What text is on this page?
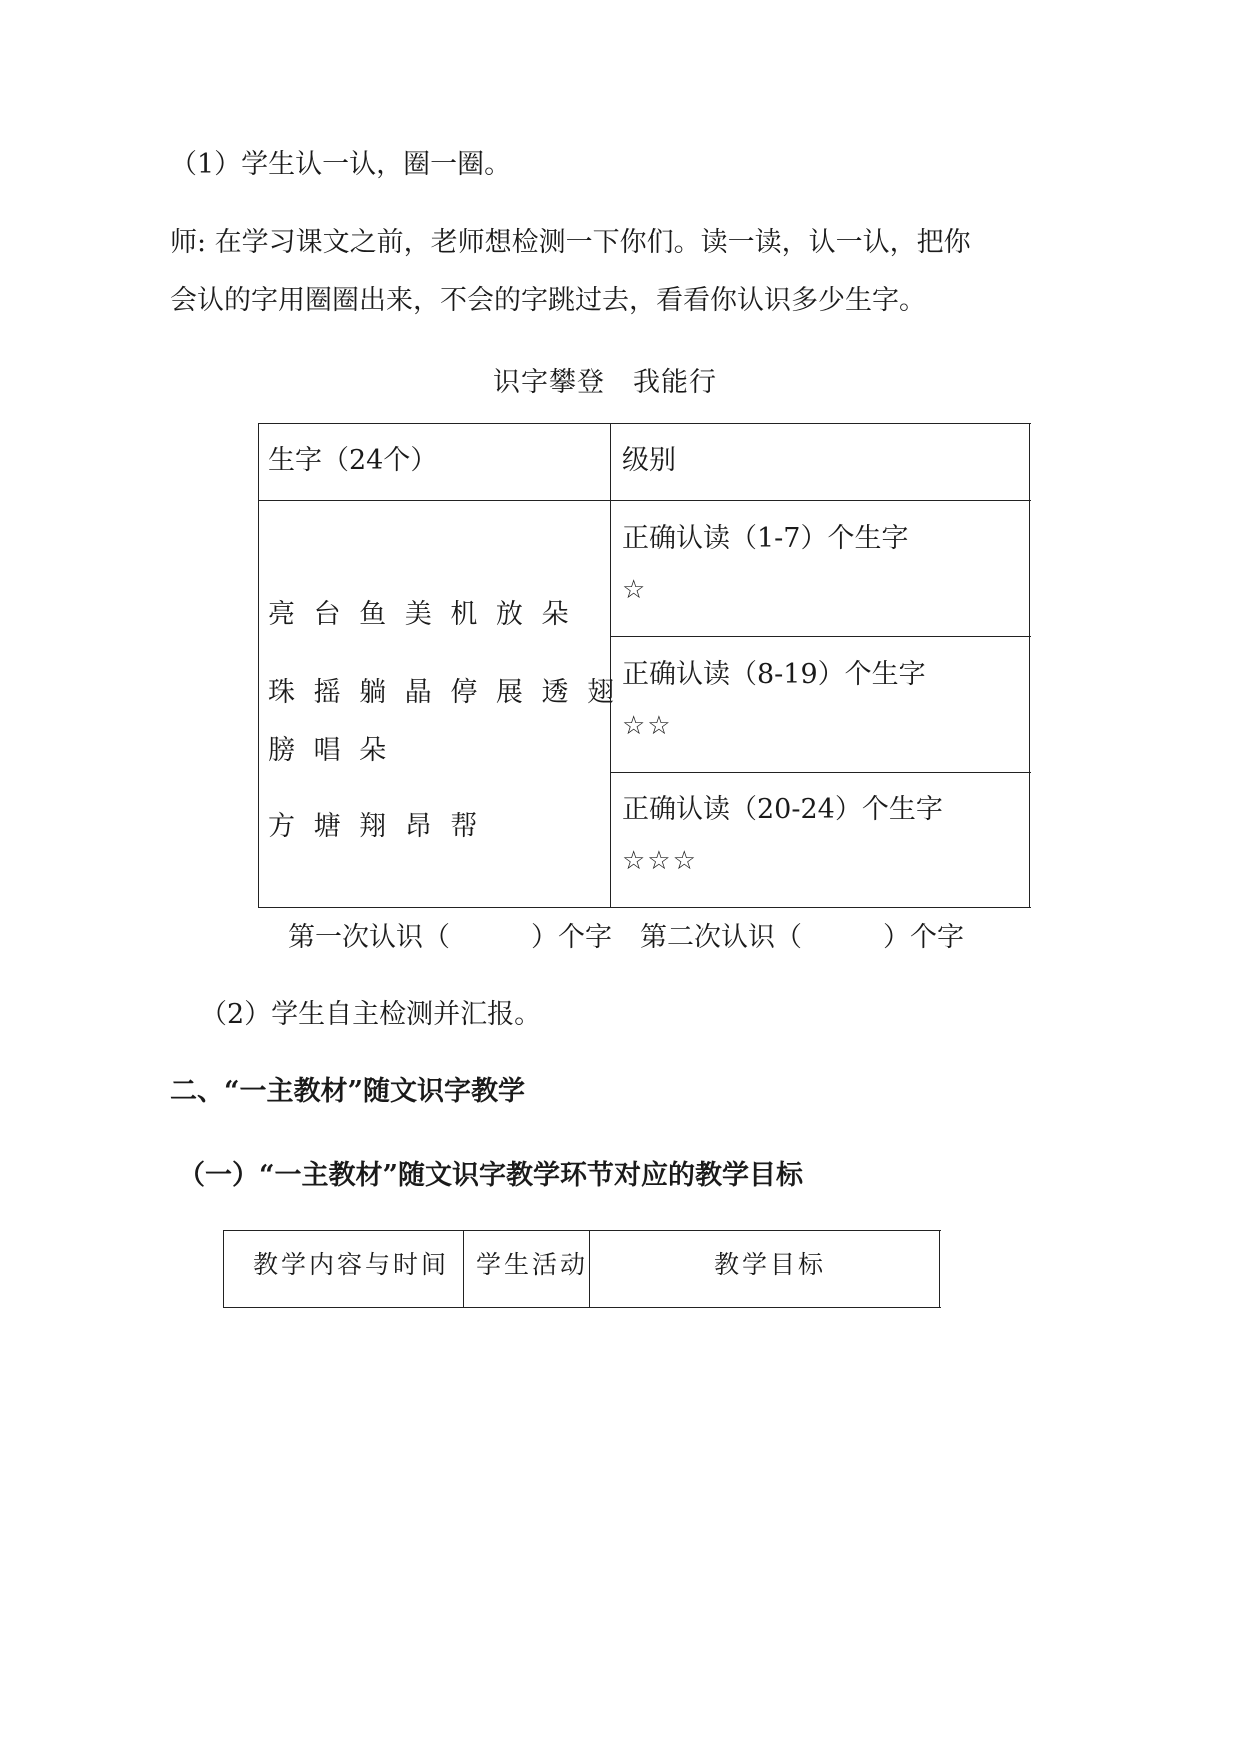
（1）学生认一认，圈一圈。
师: 在学习课文之前，老师想检测一下你们。读一读，认一认，把你
会认的字用圈圈出来，不会的字跳过去，看看你认识多少生字。
识字攀登　我能行
生字（24个）	级别
亮 台 鱼 美 机 放 朵
珠 摇 躺 晶 停 展 透 翅
膀 唱 朵
方 塘 翔 昂 帮
正确认读（1-7）个生字
☆
正确认读（8-19）个生字
☆☆
正确认读（20-24）个生字
☆☆☆
第一次认识（　　　）个字 第二次认识（　　　）个字
（2）学生自主检测并汇报。
二、“一主教材”随文识字教学
（一）“一主教材”随文识字教学环节对应的教学目标
教学内容与时间 学生活动	教学目标
